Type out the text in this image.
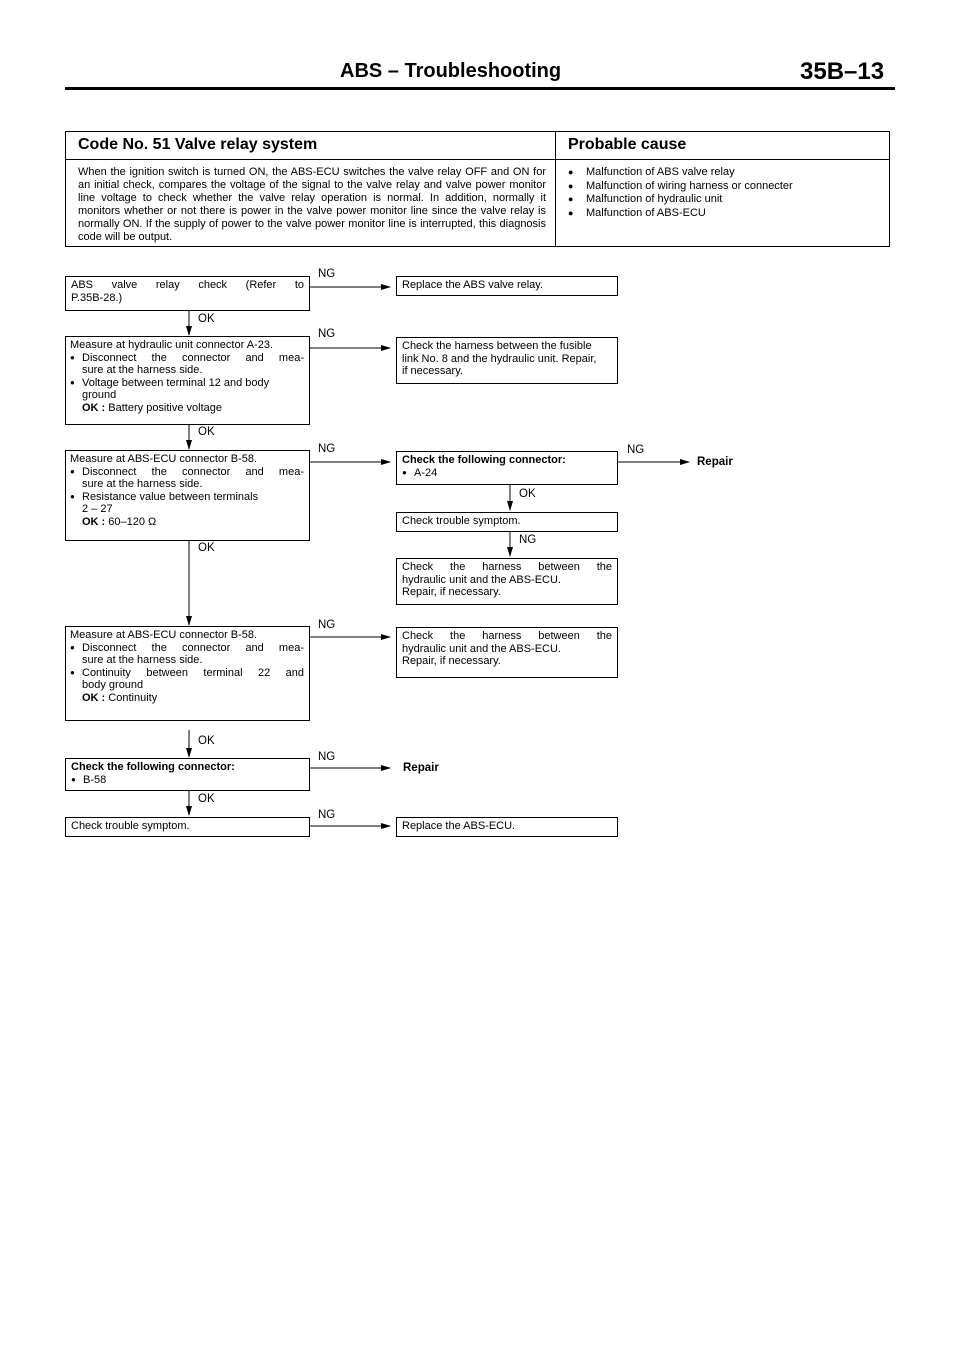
ABS – Troubleshooting	35B–13
Code No. 51 Valve relay system	Probable cause
When the ignition switch is turned ON, the ABS-ECU switches the valve relay OFF and ON for an initial check, compares the voltage of the signal to the valve relay and valve power monitor line voltage to check whether the valve relay operation is normal. In addition, normally it monitors whether or not there is power in the valve power monitor line since the valve relay is normally ON. If the supply of power to the valve power monitor line is interrupted, this diagnosis code will be output.
● Malfunction of ABS valve relay
● Malfunction of wiring harness or connecter
● Malfunction of hydraulic unit
● Malfunction of ABS-ECU
ABS valve relay check (Refer to
P.35B-28.)
NG
Replace the ABS valve relay.
OK
Measure at hydraulic unit connector A-23.
● Disconnect the connector and mea-
sure at the harness side.
● Voltage between terminal 12 and body
ground
OK : Battery positive voltage
NG
Check the harness between the fusible
link No. 8 and the hydraulic unit. Repair,
if necessary.
OK
Measure at ABS-ECU connector B-58.
● Disconnect the connector and mea-
sure at the harness side.
● Resistance value between terminals
2 – 27
OK : 60–120 Ω
NG
Check the following connector:
● A-24
NG
Repair
OK
Check trouble symptom.
NG
Check the harness between the
hydraulic unit and the ABS-ECU.
Repair, if necessary.
OK
Measure at ABS-ECU connector B-58.
● Disconnect the connector and mea-
sure at the harness side.
● Continuity between terminal 22 and
body ground
OK : Continuity
NG
Check the harness between the
hydraulic unit and the ABS-ECU.
Repair, if necessary.
OK
Check the following connector:
● B-58
NG
Repair
OK
Check trouble symptom.
NG
Replace the ABS-ECU.
